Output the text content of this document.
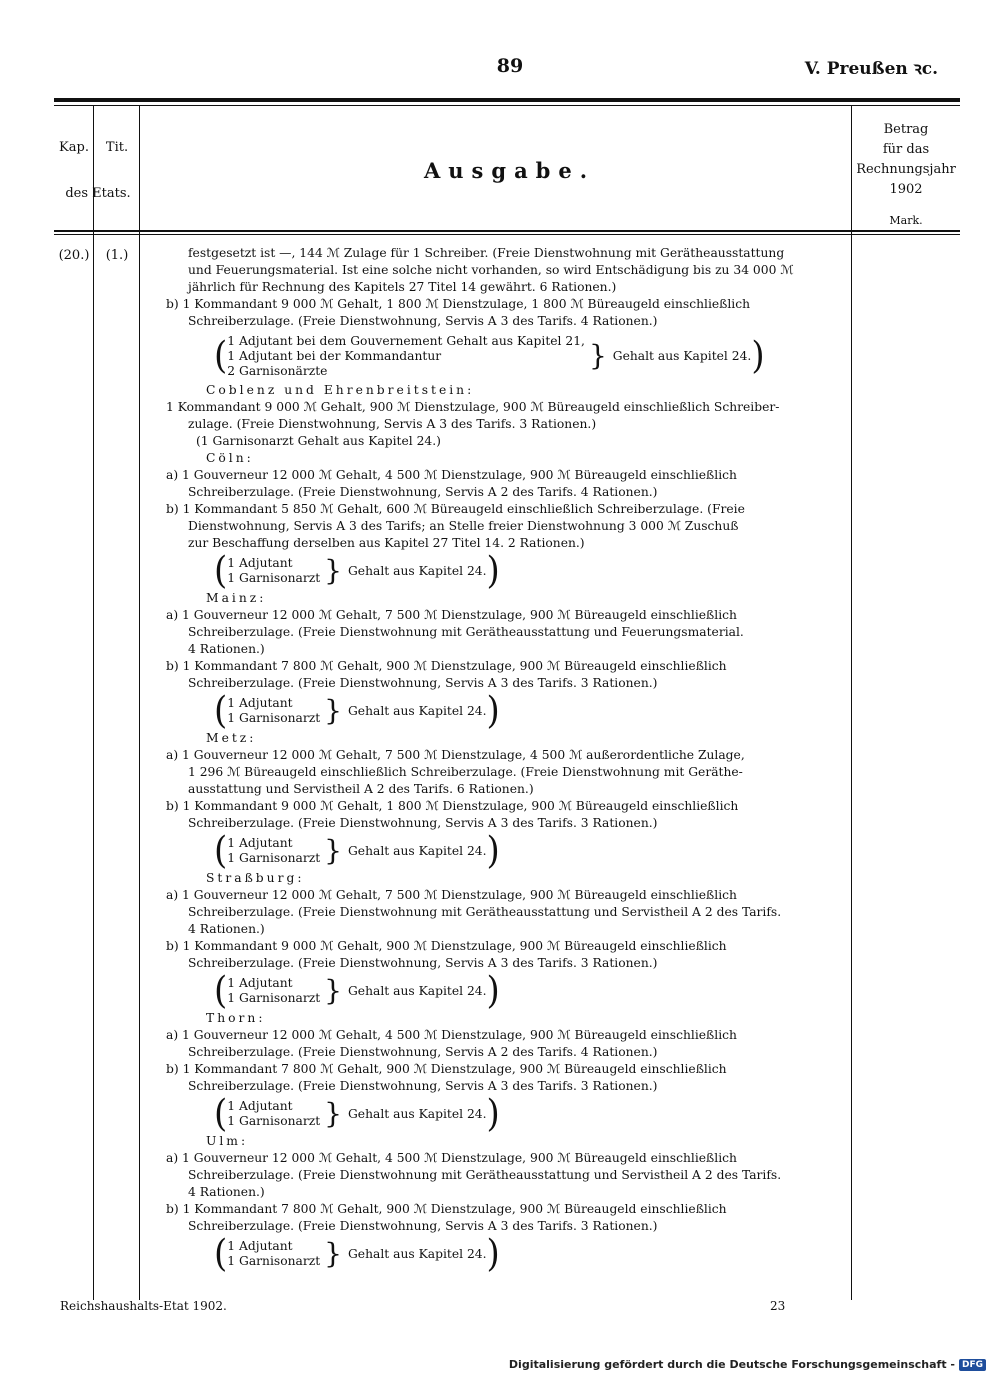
89	V. Preußen ꝛc.
Kap.	Tit.
des Etats.
Ausgabe.
Betrag
für das
Rechnungsjahr
1902
Mark.
(20.)	(1.)	festgesetzt ist —, 144 ℳ Zulage für 1 Schreiber. (Freie Dienstwohnung mit Gerätheausstattung
und Feuerungsmaterial. Ist eine solche nicht vorhanden, so wird Entschädigung bis zu 34 000 ℳ
jährlich für Rechnung des Kapitels 27 Titel 14 gewährt. 6 Rationen.)
b) 1 Kommandant 9 000 ℳ Gehalt, 1 800 ℳ Dienstzulage, 1 800 ℳ Büreaugeld einschließlich
Schreiberzulage. (Freie Dienstwohnung, Servis A 3 des Tarifs. 4 Rationen.)
( 1 Adjutant bei dem Gouvernement Gehalt aus Kapitel 21,
1 Adjutant bei der Kommandantur
2 Garnisonärzte	} Gehalt aus Kapitel 24. )
Coblenz und Ehrenbreitstein:
1 Kommandant 9 000 ℳ Gehalt, 900 ℳ Dienstzulage, 900 ℳ Büreaugeld einschließlich Schreiber-
zulage. (Freie Dienstwohnung, Servis A 3 des Tarifs. 3 Rationen.)
(1 Garnisonarzt Gehalt aus Kapitel 24.)
Cöln:
a) 1 Gouverneur 12 000 ℳ Gehalt, 4 500 ℳ Dienstzulage, 900 ℳ Büreaugeld einschließlich
Schreiberzulage. (Freie Dienstwohnung, Servis A 2 des Tarifs. 4 Rationen.)
b) 1 Kommandant 5 850 ℳ Gehalt, 600 ℳ Büreaugeld einschließlich Schreiberzulage. (Freie
Dienstwohnung, Servis A 3 des Tarifs; an Stelle freier Dienstwohnung 3 000 ℳ Zuschuß
zur Beschaffung derselben aus Kapitel 27 Titel 14. 2 Rationen.)
( 1 Adjutant
1 Garnisonarzt } Gehalt aus Kapitel 24. )
Mainz:
a) 1 Gouverneur 12 000 ℳ Gehalt, 7 500 ℳ Dienstzulage, 900 ℳ Büreaugeld einschließlich
Schreiberzulage. (Freie Dienstwohnung mit Gerätheausstattung und Feuerungsmaterial.
4 Rationen.)
b) 1 Kommandant 7 800 ℳ Gehalt, 900 ℳ Dienstzulage, 900 ℳ Büreaugeld einschließlich
Schreiberzulage. (Freie Dienstwohnung, Servis A 3 des Tarifs. 3 Rationen.)
( 1 Adjutant
1 Garnisonarzt } Gehalt aus Kapitel 24. )
Metz:
a) 1 Gouverneur 12 000 ℳ Gehalt, 7 500 ℳ Dienstzulage, 4 500 ℳ außerordentliche Zulage,
1 296 ℳ Büreaugeld einschließlich Schreiberzulage. (Freie Dienstwohnung mit Geräthe-
ausstattung und Servistheil A 2 des Tarifs. 6 Rationen.)
b) 1 Kommandant 9 000 ℳ Gehalt, 1 800 ℳ Dienstzulage, 900 ℳ Büreaugeld einschließlich
Schreiberzulage. (Freie Dienstwohnung, Servis A 3 des Tarifs. 3 Rationen.)
( 1 Adjutant
1 Garnisonarzt } Gehalt aus Kapitel 24. )
Straßburg:
a) 1 Gouverneur 12 000 ℳ Gehalt, 7 500 ℳ Dienstzulage, 900 ℳ Büreaugeld einschließlich
Schreiberzulage. (Freie Dienstwohnung mit Gerätheausstattung und Servistheil A 2 des Tarifs.
4 Rationen.)
b) 1 Kommandant 9 000 ℳ Gehalt, 900 ℳ Dienstzulage, 900 ℳ Büreaugeld einschließlich
Schreiberzulage. (Freie Dienstwohnung, Servis A 3 des Tarifs. 3 Rationen.)
( 1 Adjutant
1 Garnisonarzt } Gehalt aus Kapitel 24. )
Thorn:
a) 1 Gouverneur 12 000 ℳ Gehalt, 4 500 ℳ Dienstzulage, 900 ℳ Büreaugeld einschließlich
Schreiberzulage. (Freie Dienstwohnung, Servis A 2 des Tarifs. 4 Rationen.)
b) 1 Kommandant 7 800 ℳ Gehalt, 900 ℳ Dienstzulage, 900 ℳ Büreaugeld einschließlich
Schreiberzulage. (Freie Dienstwohnung, Servis A 3 des Tarifs. 3 Rationen.)
( 1 Adjutant
1 Garnisonarzt } Gehalt aus Kapitel 24. )
Ulm:
a) 1 Gouverneur 12 000 ℳ Gehalt, 4 500 ℳ Dienstzulage, 900 ℳ Büreaugeld einschließlich
Schreiberzulage. (Freie Dienstwohnung mit Gerätheausstattung und Servistheil A 2 des Tarifs.
4 Rationen.)
b) 1 Kommandant 7 800 ℳ Gehalt, 900 ℳ Dienstzulage, 900 ℳ Büreaugeld einschließlich
Schreiberzulage. (Freie Dienstwohnung, Servis A 3 des Tarifs. 3 Rationen.)
( 1 Adjutant
1 Garnisonarzt } Gehalt aus Kapitel 24. )
Reichshaushalts-Etat 1902.	23
Digitalisierung gefördert durch die Deutsche Forschungsgemeinschaft - DFG
